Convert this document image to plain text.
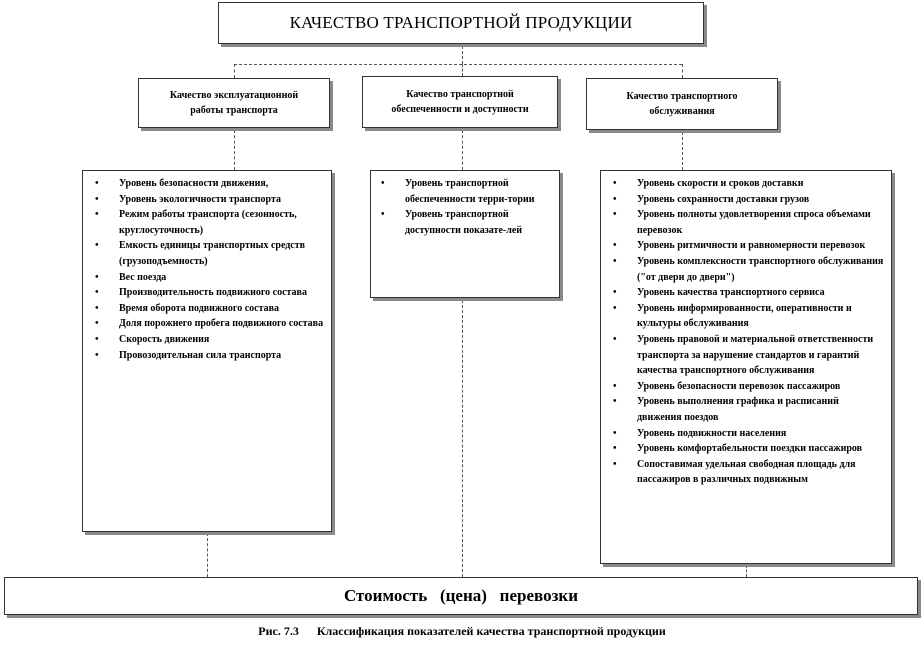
КАЧЕСТВО ТРАНСПОРТНОЙ ПРОДУКЦИИ
Качество эксплуатационной
работы транспорта
Качество транспортной
обеспеченности и доступности
Качество транспортного
обслуживания
• Уровень безопасности движения,
• Уровень экологичности транспорта
• Режим работы транспорта (сезонность, круглосуточность)
• Емкость единицы транспортных средств (грузоподъемность)
• Вес поезда
• Производительность подвижного состава
• Время оборота подвижного состава
• Доля порожнего пробега подвижного состава
• Скорость движения
• Провозодительная сила транспорта
• Уровень транспортной обеспеченности терри-тории
• Уровень транспортной доступности показате-лей
• Уровень скорости и сроков доставки
• Уровень сохранности доставки грузов
• Уровень полноты удовлетворения спроса объемами перевозок
• Уровень ритмичности и равномерности перевозок
• Уровень комплексности транспортного обслуживания ("от двери до двери")
• Уровень качества транспортного сервиса
• Уровень информированности, оперативности и культуры обслуживания
• Уровень правовой и материальной ответственности транспорта за нарушение стандартов и гарантий качества транспортного обслуживания
• Уровень безопасности перевозок пассажиров
• Уровень выполнения графика и расписаний движения поездов
• Уровень подвижности населения
• Уровень комфортабельности поездки пассажиров
• Сопоставимая удельная свободная площадь для пассажиров в различных подвижным
Стоимость   (цена)   перевозки
Рис. 7.3      Классификация показателей качества транспортной продукции
